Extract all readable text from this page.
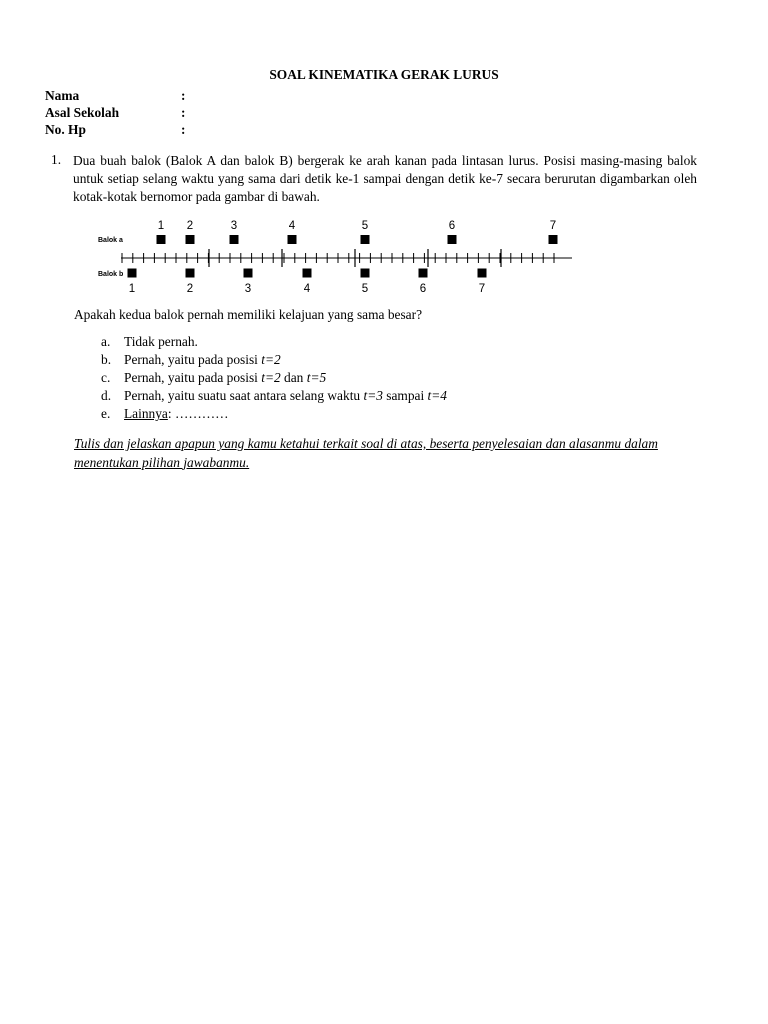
SOAL KINEMATIKA GERAK LURUS
Nama	:
Asal Sekolah	:
No. Hp	:
1. Dua buah balok (Balok A dan balok B) bergerak ke arah kanan pada lintasan lurus. Posisi masing-masing balok untuk setiap selang waktu yang sama dari detik ke-1 sampai dengan detik ke-7 secara berurutan digambarkan oleh kotak-kotak bernomor pada gambar di bawah.
Balok a
Balok b
1 2	3	4	5	6	7
1	2	3	4	5	6	7
Apakah kedua balok pernah memiliki kelajuan yang sama besar?
a. Tidak pernah.
b. Pernah, yaitu pada posisi t=2
c. Pernah, yaitu pada posisi t=2 dan t=5
d. Pernah, yaitu suatu saat antara selang waktu t=3 sampai t=4
e. Lainnya: …………
Tulis dan jelaskan apapun yang kamu ketahui terkait soal di atas, beserta penyelesaian dan alasanmu dalam menentukan pilihan jawabanmu.
